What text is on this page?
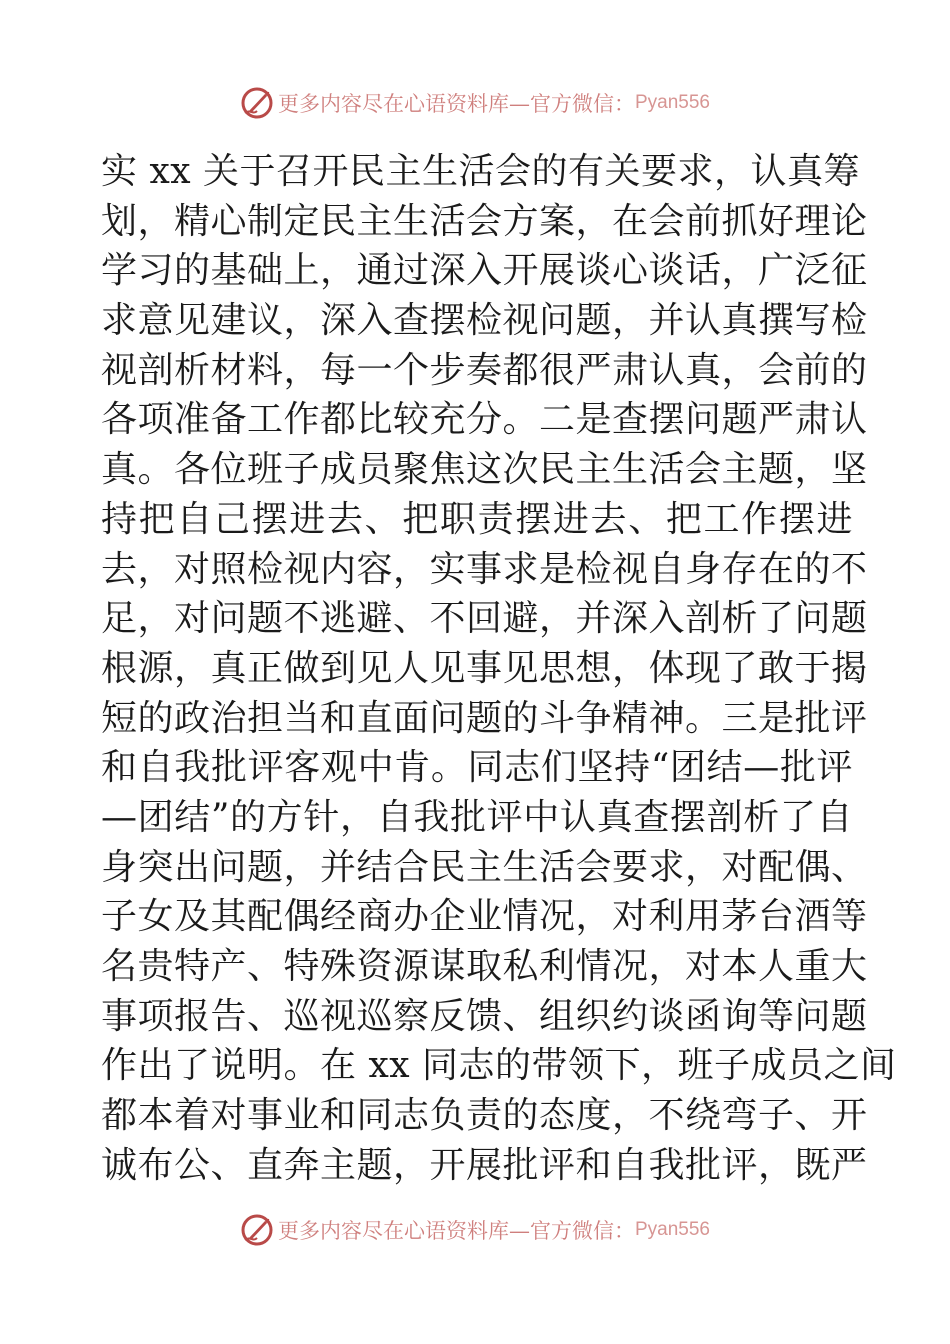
更多内容尽在心语资料库—官方微信： Pyan556
实 xx 关于召开民主生活会的有关要求，认真筹
划，精心制定民主生活会方案，在会前抓好理论
学习的基础上，通过深入开展谈心谈话，广泛征
求意见建议，深入查摆检视问题，并认真撰写检
视剖析材料，每一个步奏都很严肃认真，会前的
各项准备工作都比较充分。二是查摆问题严肃认
真。各位班子成员聚焦这次民主生活会主题，坚
持把自己摆进去、把职责摆进去、把工作摆进
去，对照检视内容，实事求是检视自身存在的不
足，对问题不逃避、不回避，并深入剖析了问题
根源，真正做到见人见事见思想，体现了敢于揭
短的政治担当和直面问题的斗争精神。三是批评
和自我批评客观中肯。同志们坚持“团结—批评
—团结”的方针，自我批评中认真查摆剖析了自
身突出问题，并结合民主生活会要求，对配偶、
子女及其配偶经商办企业情况，对利用茅台酒等
名贵特产、特殊资源谋取私利情况，对本人重大
事项报告、巡视巡察反馈、组织约谈函询等问题
作出了说明。在 xx 同志的带领下，班子成员之间
都本着对事业和同志负责的态度，不绕弯子、开
诚布公、直奔主题，开展批评和自我批评，既严
更多内容尽在心语资料库—官方微信： Pyan556
